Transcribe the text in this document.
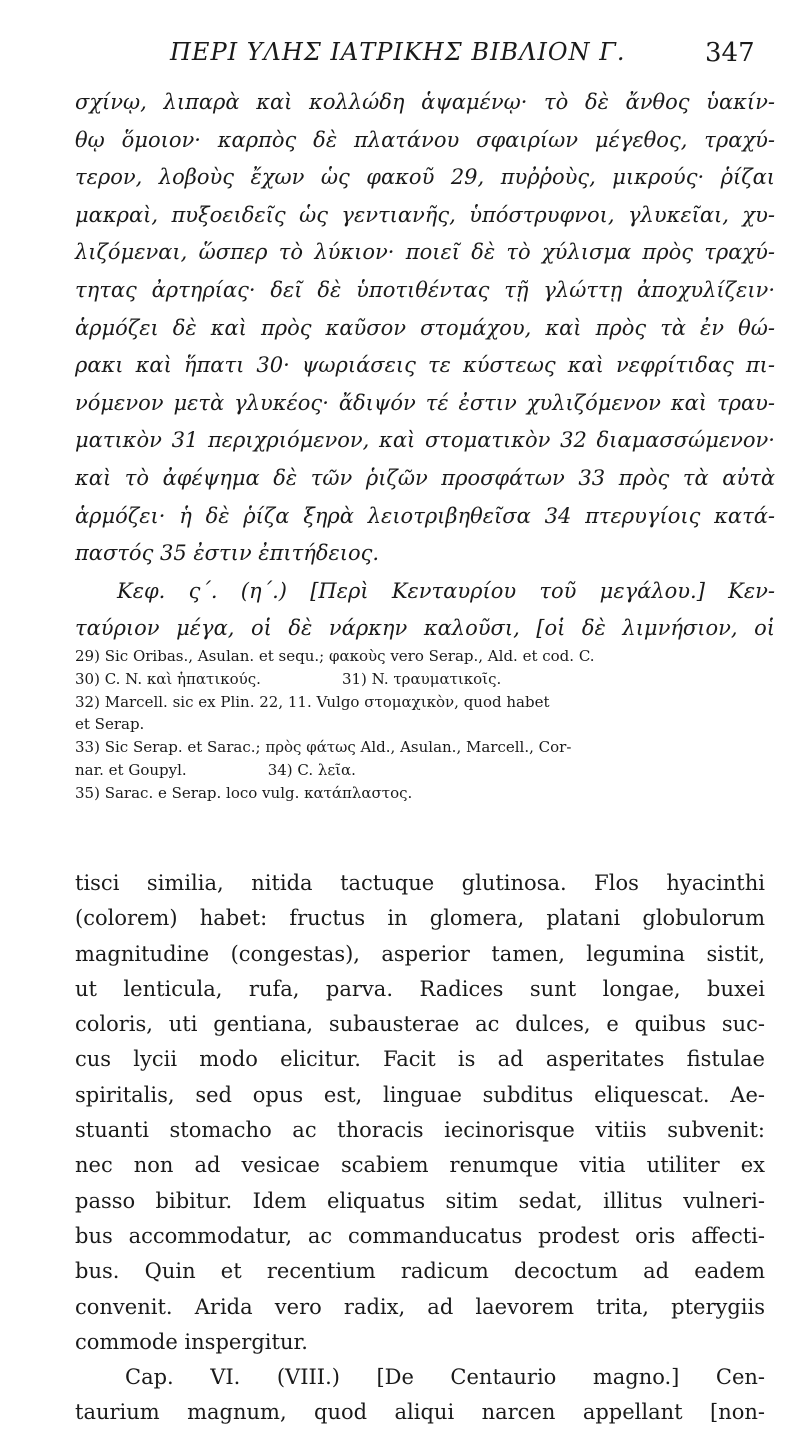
ΠΕΡΙ ΥΛΗΣ ΙΑΤΡΙΚΗΣ ΒΙΒΛΙΟΝ Γ.	347
σχίνῳ, λιπαρὰ καὶ κολλώδη ἁψαμένῳ· τὸ δὲ ἄνθος ὑακίν-
θῳ ὅμοιον· καρπὸς δὲ πλατάνου σφαιρίων μέγεθος, τραχύ-
τερον, λοβοὺς ἔχων ὡς φακοῦ 29, πυῤῥοὺς, μικρούς· ῥίζαι
μακραὶ, πυξοειδεῖς ὡς γεντιανῆς, ὑπόστρυφνοι, γλυκεῖαι, χυ-
λιζόμεναι, ὥσπερ τὸ λύκιον· ποιεῖ δὲ τὸ χύλισμα πρὸς τραχύ-
τητας ἀρτηρίας· δεῖ δὲ ὑποτιθέντας τῇ γλώττῃ ἀποχυλίζειν·
ἁρμόζει δὲ καὶ πρὸς καῦσον στομάχου, καὶ πρὸς τὰ ἐν θώ-
ρακι καὶ ἥπατι 30· ψωριάσεις τε κύστεως καὶ νεφρίτιδας πι-
νόμενον μετὰ γλυκέος· ἄδιψόν τέ ἐστιν χυλιζόμενον καὶ τραυ-
ματικὸν 31 περιχριόμενον, καὶ στοματικὸν 32 διαμασσώμενον·
καὶ τὸ ἀφέψημα δὲ τῶν ῥιζῶν προσφάτων 33 πρὸς τὰ αὐτὰ
ἁρμόζει· ἡ δὲ ῥίζα ξηρὰ λειοτριβηθεῖσα 34 πτερυγίοις κατά-
παστός 35 ἐστιν ἐπιτήδειος.
Κεφ. ς΄. (η΄.) [Περὶ Κενταυρίου τοῦ μεγάλου.] Κεν-
ταύριον μέγα, οἱ δὲ νάρκην καλοῦσι, [οἱ δὲ λιμνήσιον, οἱ
29) Sic Oribas., Asulan. et sequ.; φακοὺς vero Serap., Ald. et cod. C.
30) C. N. καὶ ἡπατικούς.                 31) N. τραυματικοῖς.
32) Marcell. sic ex Plin. 22, 11. Vulgo στομαχικὸν, quod habet
et Serap.
33) Sic Serap. et Sarac.; πρὸς φάτως Ald., Asulan., Marcell., Cor-
nar. et Goupyl.                 34) C. λεῖα.
35) Sarac. e Serap. loco vulg. κατάπλαστος.
tisci similia, nitida tactuque glutinosa. Flos hyacinthi
(colorem) habet: fructus in glomera, platani globulorum
magnitudine (congestas), asperior tamen, legumina sistit,
ut lenticula, rufa, parva. Radices sunt longae, buxei
coloris, uti gentiana, subausterae ac dulces, e quibus suc-
cus lycii modo elicitur. Facit is ad asperitates fistulae
spiritalis, sed opus est, linguae subditus eliquescat. Ae-
stuanti stomacho ac thoracis iecinorisque vitiis subvenit:
nec non ad vesicae scabiem renumque vitia utiliter ex
passo bibitur. Idem eliquatus sitim sedat, illitus vulneri-
bus accommodatur, ac commanducatus prodest oris affecti-
bus. Quin et recentium radicum decoctum ad eadem
convenit. Arida vero radix, ad laevorem trita, pterygiis
commode inspergitur.
Cap. VI. (VIII.) [De Centaurio magno.] Cen-
taurium magnum, quod aliqui narcen appellant [non-
